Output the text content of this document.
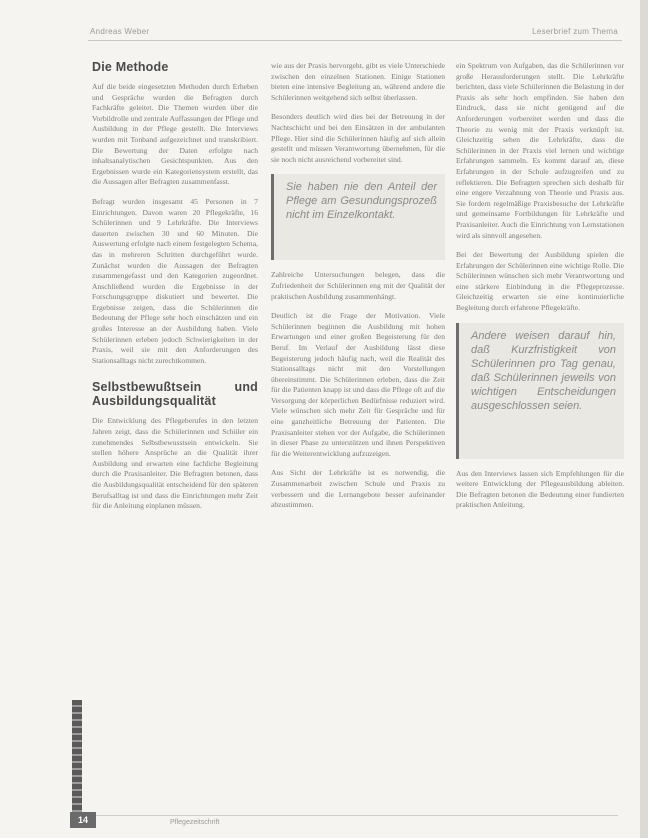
Andreas Weber	Leserbrief zum Thema
Die Methode

Auf die beide eingesetzten Methoden durch Erheben und Gespräche wurden die Befragten durch Fachkräfte geleitet. Die Themen wurden über die Vorbildrolle und zentrale Auffassungen der Pflege und Ausbildung in der Pflege gestellt. Die Interviews wurden mit Tonband aufgezeichnet und transkribiert. Die Bewertung der Daten erfolgte nach inhaltsanalytischen Gesichtspunkten. Aus den Ergebnissen wurde ein Kategoriensystem erstellt, das die Aussagen aller Befragten zusammenfasst.

Befragt wurden insgesamt 45 Personen in 7 Einrichtungen. Davon waren 20 Pflegekräfte, 16 Schülerinnen und 9 Lehrkräfte. Die Interviews dauerten zwischen 30 und 60 Minuten. Die Auswertung erfolgte nach einem festgelegten Schema, das in mehreren Schritten durchgeführt wurde. Zunächst wurden die Aussagen der Befragten zusammengefasst und den Kategorien zugeordnet. Anschließend wurden die Ergebnisse in der Forschungsgruppe diskutiert und bewertet. Die Ergebnisse zeigen, dass die Schülerinnen die Bedeutung der Pflege sehr hoch einschätzen und ein großes Interesse an der Ausbildung haben. Viele Schülerinnen erleben jedoch Schwierigkeiten in der Praxis, weil sie mit den Anforderungen des Stationsalltags nicht zurechtkommen.

Selbstbewußtsein und Ausbildungsqualität

Die Entwicklung des Pflegeberufes in den letzten Jahren zeigt, dass die Schülerinnen und Schüler ein zunehmendes Selbstbewusstsein entwickeln. Sie stellen höhere Ansprüche an die Qualität ihrer Ausbildung und erwarten eine fachliche Begleitung durch die Praxisanleiter. Die Befragten betonen, dass die Ausbildungsqualität entscheidend für den späteren Berufsalltag ist und dass die Einrichtungen mehr Zeit für die Anleitung einplanen müssen.

wie aus der Praxis hervorgeht, gibt es viele Unterschiede zwischen den einzelnen Stationen. Einige Stationen bieten eine intensive Begleitung an, während andere die Schülerinnen weitgehend sich selbst überlassen.

Besonders deutlich wird dies bei der Betreuung in der Nachtschicht und bei den Einsätzen in der ambulanten Pflege. Hier sind die Schülerinnen häufig auf sich allein gestellt und müssen Verantwortung übernehmen, für die sie noch nicht ausreichend vorbereitet sind.

Sie haben nie den Anteil der Pflege am Gesundungsprozeß nicht im Einzelkontakt.

Zahlreiche Untersuchungen belegen, dass die Zufriedenheit der Schülerinnen eng mit der Qualität der praktischen Ausbildung zusammenhängt.

Deutlich ist die Frage der Motivation. Viele Schülerinnen beginnen die Ausbildung mit hohen Erwartungen und einer großen Begeisterung für den Beruf. Im Verlauf der Ausbildung lässt diese Begeisterung jedoch häufig nach, weil die Realität des Stationsalltags nicht mit den Vorstellungen übereinstimmt. Die Schülerinnen erleben, dass die Zeit für die Patienten knapp ist und dass die Pflege oft auf die Versorgung der körperlichen Bedürfnisse reduziert wird. Viele wünschen sich mehr Zeit für Gespräche und für eine ganzheitliche Betreuung der Patienten. Die Praxisanleiter stehen vor der Aufgabe, die Schülerinnen in dieser Phase zu unterstützen und ihnen Perspektiven für die Weiterentwicklung aufzuzeigen.

Aus Sicht der Lehrkräfte ist es notwendig, die Zusammenarbeit zwischen Schule und Praxis zu verbessern und die Lernangebote besser aufeinander abzustimmen.

ein Spektrum von Aufgaben, das die Schülerinnen vor große Herausforderungen stellt. Die Lehrkräfte berichten, dass viele Schülerinnen die Belastung in der Praxis als sehr hoch empfinden. Sie haben den Eindruck, dass sie nicht genügend auf die Anforderungen vorbereitet werden und dass die Theorie zu wenig mit der Praxis verknüpft ist. Gleichzeitig sehen die Lehrkräfte, dass die Schülerinnen in der Praxis viel lernen und wichtige Erfahrungen sammeln. Es kommt darauf an, diese Erfahrungen in der Schule aufzugreifen und zu reflektieren. Die Befragten sprechen sich deshalb für eine engere Verzahnung von Theorie und Praxis aus. Sie fordern regelmäßige Praxisbesuche der Lehrkräfte und gemeinsame Fortbildungen für Lehrkräfte und Praxisanleiter. Auch die Einrichtung von Lernstationen wird als sinnvoll angesehen.

Bei der Bewertung der Ausbildung spielen die Erfahrungen der Schülerinnen eine wichtige Rolle. Die Schülerinnen wünschen sich mehr Verantwortung und eine stärkere Einbindung in die Pflegeprozesse. Gleichzeitig erwarten sie eine kontinuierliche Begleitung durch erfahrene Pflegekräfte.

Andere weisen darauf hin, daß Kurzfristigkeit von Schülerinnen pro Tag genau, daß Schülerinnen jeweils von wichtigen Entscheidungen ausgeschlossen seien.

Aus den Interviews lassen sich Empfehlungen für die weitere Entwicklung der Pflegeausbildung ableiten. Die Befragten betonen die Bedeutung einer fundierten praktischen Anleitung.

14	Pflegezeitschrift
